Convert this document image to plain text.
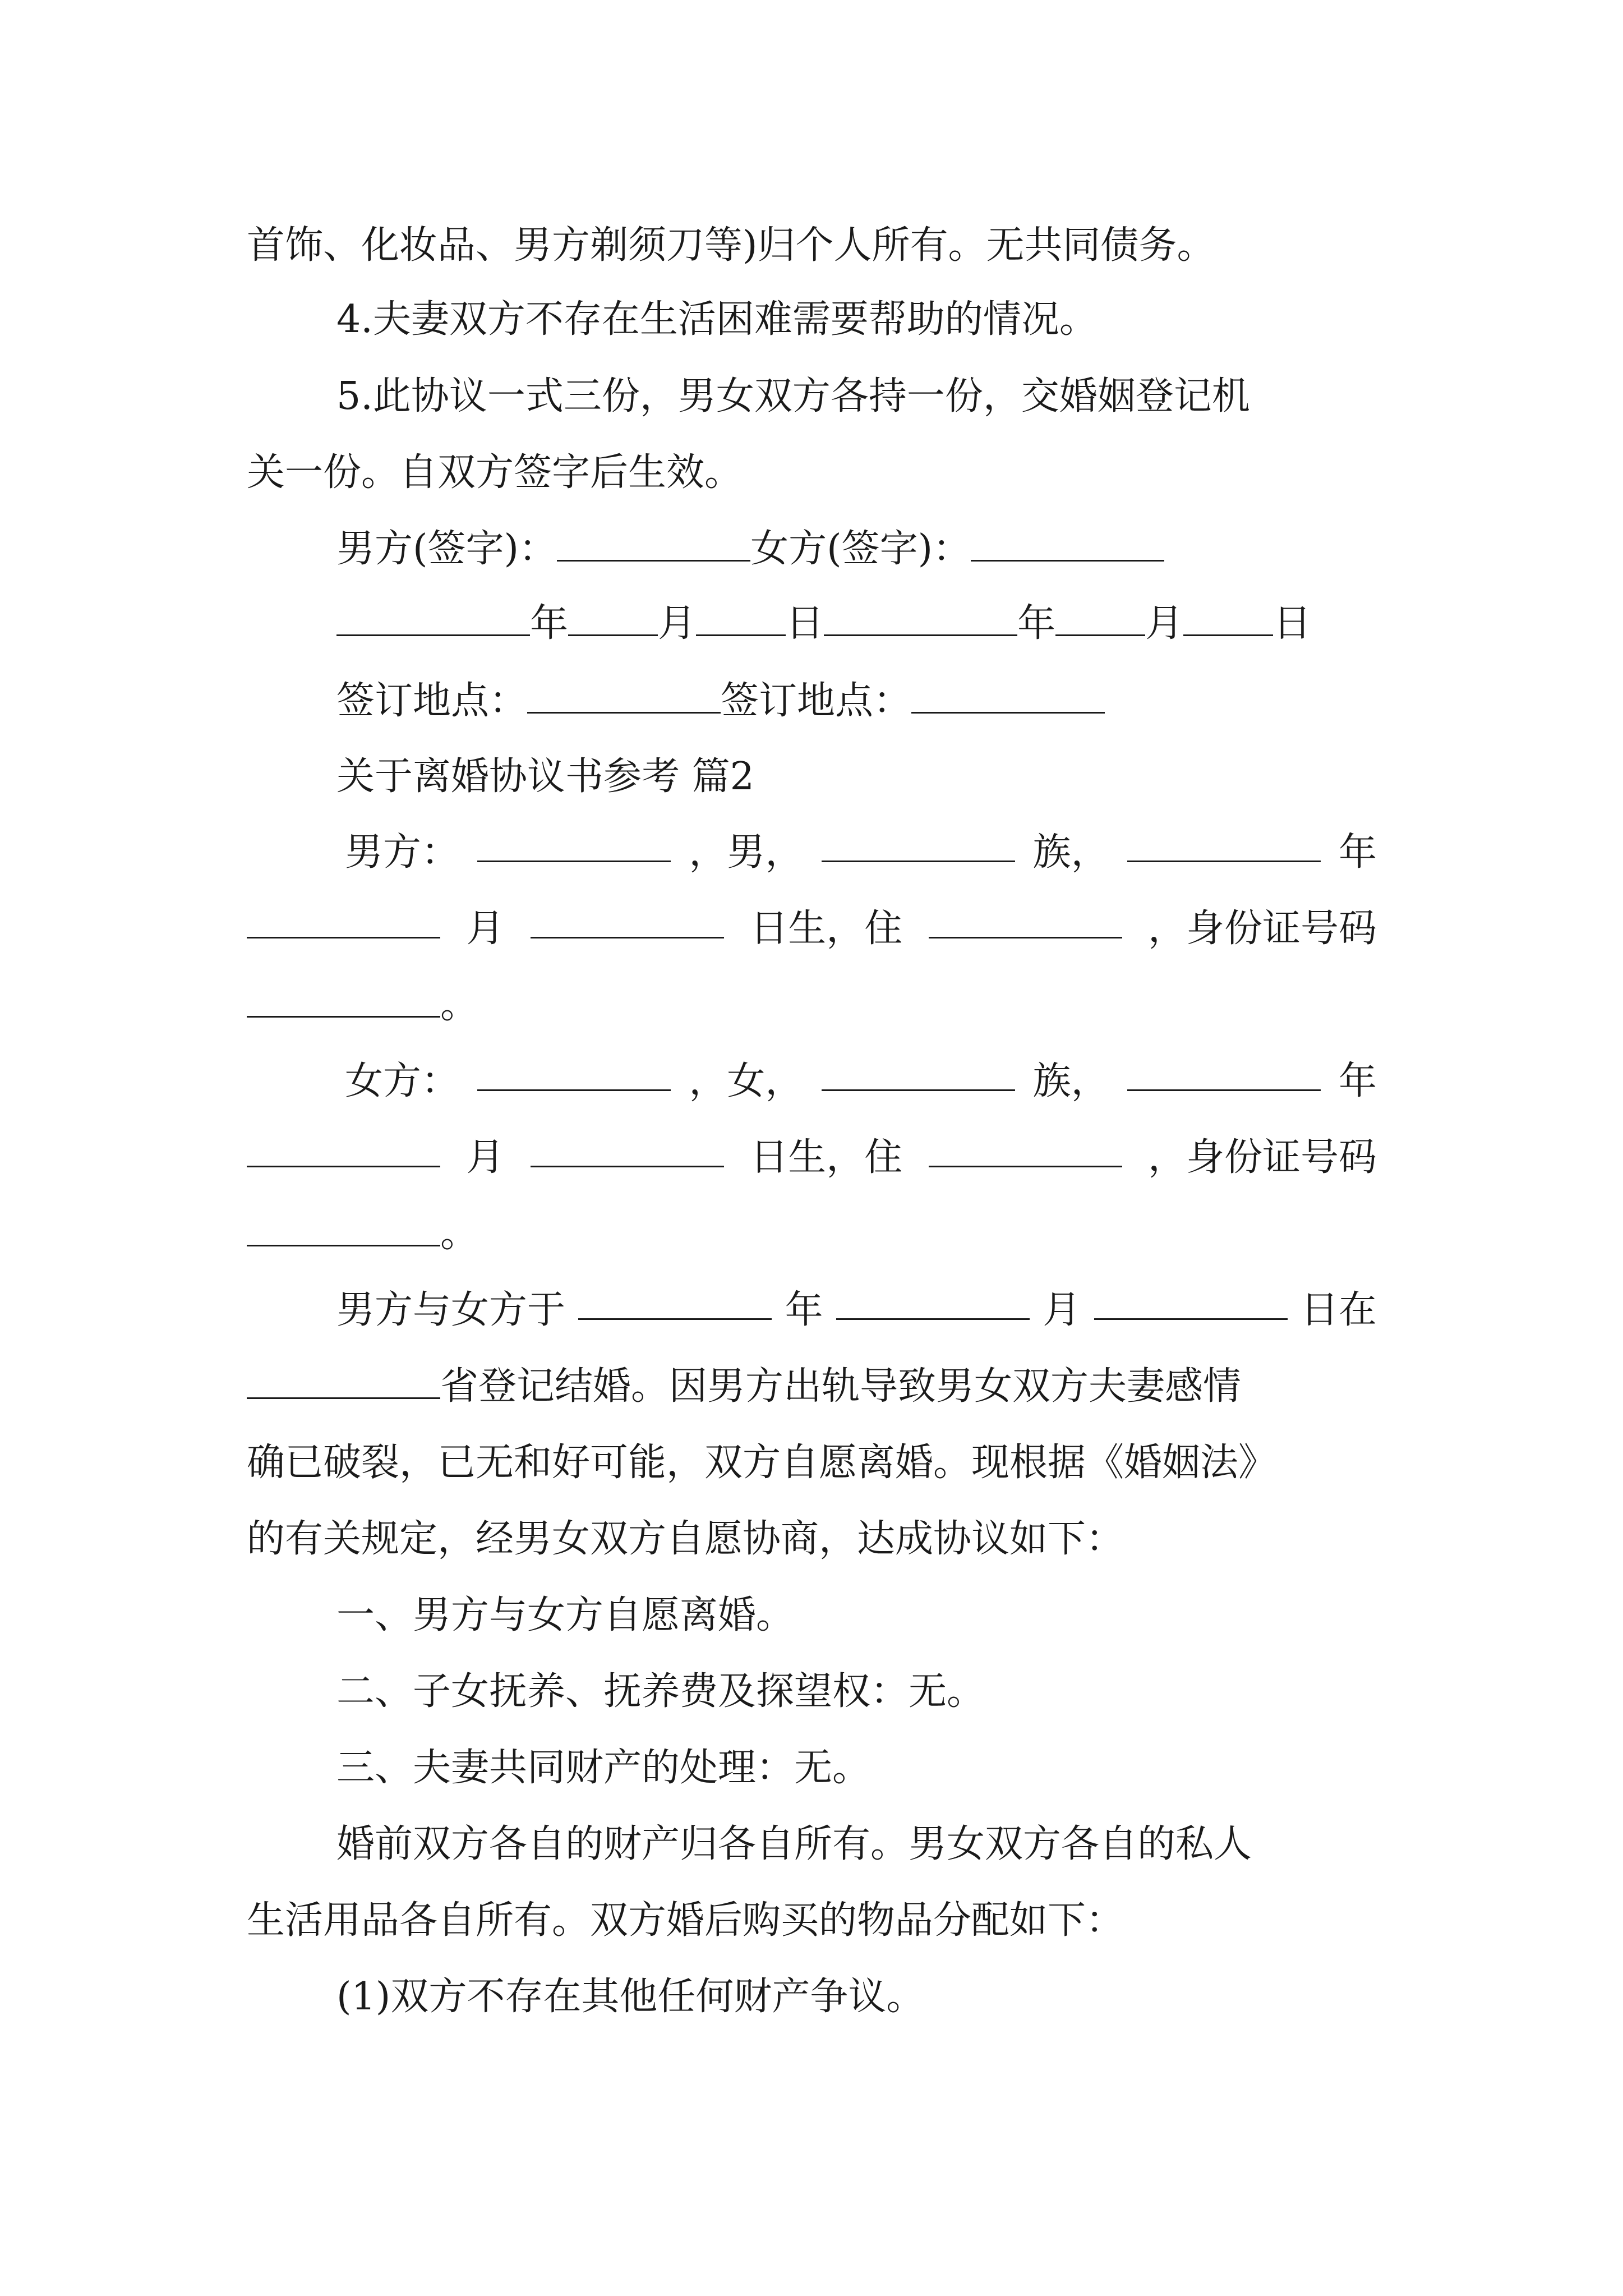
首饰、化妆品、男方剃须刀等)归个人所有。无共同债务。
4.夫妻双方不存在生活困难需要帮助的情况。
5.此协议一式三份，男女双方各持一份，交婚姻登记机
关一份。自双方签字后生效。
男方(签字)：	女方(签字)：
年 月 日	年 月 日
签订地点：	签订地点：
关于离婚协议书参考 篇2
男方：	，男，	族，	年
月	日生，住	，身份证号码
。
女方：	，女，	族，	年
月	日生，住	，身份证号码
。
男方与女方于	年	月	日在
省登记结婚。因男方出轨导致男女双方夫妻感情
确已破裂，已无和好可能，双方自愿离婚。现根据《婚姻法》
的有关规定，经男女双方自愿协商，达成协议如下：
一、男方与女方自愿离婚。
二、子女抚养、抚养费及探望权：无。
三、夫妻共同财产的处理：无。
婚前双方各自的财产归各自所有。男女双方各自的私人
生活用品各自所有。双方婚后购买的物品分配如下：
(1)双方不存在其他任何财产争议。
